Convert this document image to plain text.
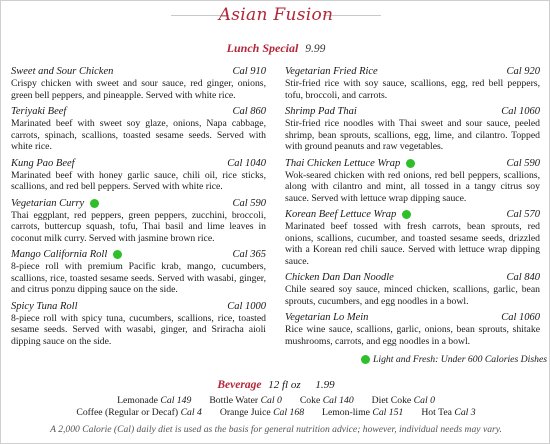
Asian Fusion
Lunch Special 9.99
Sweet and Sour Chicken	Cal 910
Crispy chicken with sweet and sour sauce, red ginger, onions, green bell peppers, and pineapple. Served with white rice.
Teriyaki Beef	Cal 860
Marinated beef with sweet soy glaze, onions, Napa cabbage, carrots, spinach, scallions, toasted sesame seeds. Served with white rice.
Kung Pao Beef	Cal 1040
Marinated beef with honey garlic sauce, chili oil, rice sticks, scallions, and red bell peppers. Served with white rice.
Vegetarian Curry	Cal 590
Thai eggplant, red peppers, green peppers, zucchini, broccoli, carrots, buttercup squash, tofu, Thai basil and lime leaves in coconut milk curry. Served with jasmine brown rice.
Mango California Roll	Cal 365
8-piece roll with premium Pacific krab, mango, cucumbers, scallions, rice, toasted sesame seeds. Served with wasabi, ginger, and citrus ponzu dipping sauce on the side.
Spicy Tuna Roll	Cal 1000
8-piece roll with spicy tuna, cucumbers, scallions, rice, toasted sesame seeds. Served with wasabi, ginger, and Sriracha aioli dipping sauce on the side.
Vegetarian Fried Rice	Cal 920
Stir-fried rice with soy sauce, scallions, egg, red bell peppers, tofu, broccoli, and carrots.
Shrimp Pad Thai	Cal 1060
Stir-fried rice noodles with Thai sweet and sour sauce, peeled shrimp, bean sprouts, scallions, egg, lime, and cilantro. Topped with ground peanuts and raw vegetables.
Thai Chicken Lettuce Wrap	Cal 590
Wok-seared chicken with red onions, red bell peppers, scallions, along with cilantro and mint, all tossed in a tangy citrus soy sauce. Served with lettuce wrap dipping sauce.
Korean Beef Lettuce Wrap	Cal 570
Marinated beef tossed with fresh carrots, bean sprouts, red onions, scallions, cucumber, and toasted sesame seeds, drizzled with a Korean red chili sauce. Served with lettuce wrap dipping sauce.
Chicken Dan Dan Noodle	Cal 840
Chile seared soy sauce, minced chicken, scallions, garlic, bean sprouts, cucumbers, and egg noodles in a bowl.
Vegetarian Lo Mein	Cal 1060
Rice wine sauce, scallions, garlic, onions, bean sprouts, shitake mushrooms, carrots, and egg noodles in a bowl.
Light and Fresh: Under 600 Calories Dishes
Beverage 12 fl oz 1.99
Lemonade Cal 149 Bottle Water Cal 0 Coke Cal 140 Diet Coke Cal 0
Coffee (Regular or Decaf) Cal 4 Orange Juice Cal 168 Lemon-lime Cal 151 Hot Tea Cal 3
A 2,000 Calorie (Cal) daily diet is used as the basis for general nutrition advice; however, individual needs may vary.
